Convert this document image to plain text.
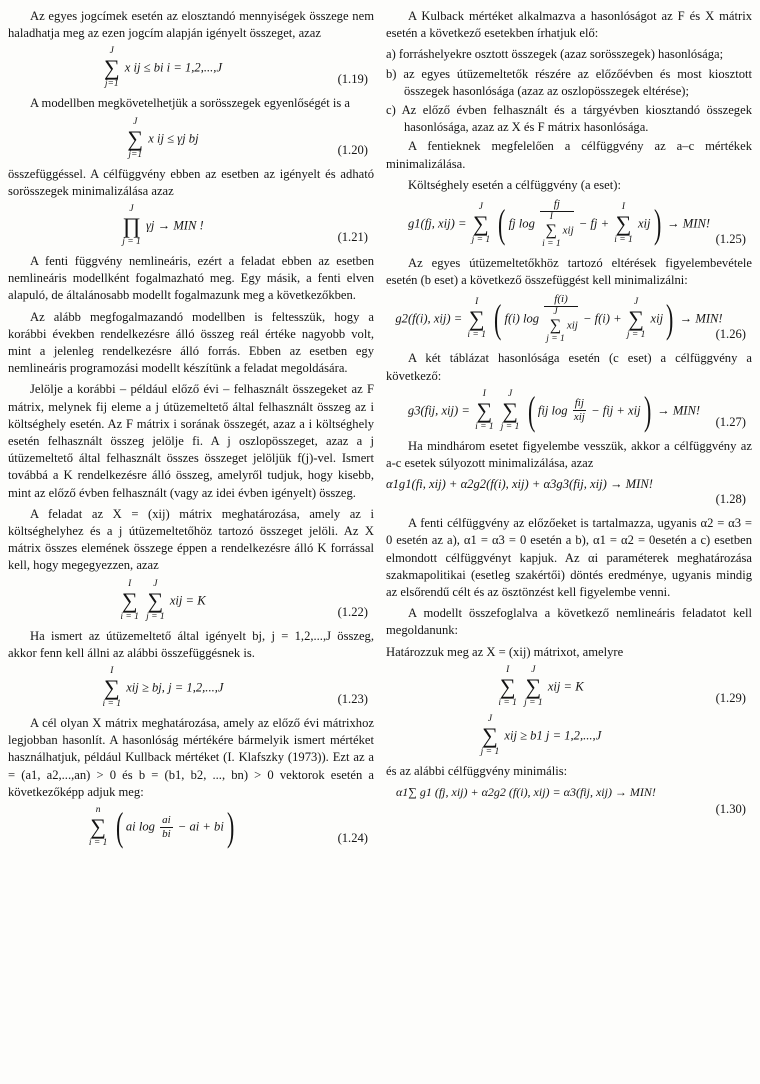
Az egyes jogcímek esetén az elosztandó mennyiségek összege nem haladhatja meg az ezen jogcím alapján igényelt összeget, azaz

J
∑
j=1
x ij ≤ bi i = 1,2,...,J
(1.19)

A modellben megkövetelhetjük a sorösszegek egyenlőségét is a

J
∑
j=1
x ij ≤ γj bj
(1.20)

összefüggéssel. A célfüggvény ebben az esetben az igényelt és adható sorösszegek minimalizálása azaz

J
∏
j = 1
γj → MIN !
(1.21)

A fenti függvény nemlineáris, ezért a feladat ebben az esetben nemlineáris modellként fogalmazható meg. Egy másik, a fenti elven alapuló, de általánosabb modellt fogalmazunk meg a következőkben.

Az alább megfogalmazandó modellben is feltesszük, hogy a korábbi években rendelkezésre álló összeg reál értéke nagyobb volt, mint a jelenleg rendelkezésre álló forrás. Ebben az esetben egy nemlineáris programozási modellt készítünk a feladat megoldására.

Jelölje a korábbi – például előző évi – felhasznált összegeket az F mátrix, melynek fij eleme a j útüzemeltető által felhasznált összeg az i költséghely esetén. Az F mátrix i sorának összegét, azaz a i költséghely esetén felhasznált összeg jelölje fi. A j oszlopösszeget, azaz a j útüzemeltető által felhasznált összes összeget jelöljük f(j)-vel. Ismert továbbá a K rendelkezésre álló összeg, amelyről tudjuk, hogy kisebb, mint az előző évben felhasznált (vagy az idei évben igényelt) összeg.

A feladat az X = (xij) mátrix meghatározása, amely az i költséghelyhez és a j útüzemeltetőhöz tartozó összeget jelöli. Az X mátrix összes elemének összege éppen a rendelkezésre álló K forrással kell, hogy megegyezzen, azaz

I
∑
i = 1

J
∑
j = 1
xij = K
(1.22)

Ha ismert az útüzemeltető által igényelt bj, j = 1,2,...,J összeg, akkor fenn kell állni az alábbi összefüggésnek is.

I
∑
i = 1
xij ≥ bj, j = 1,2,...,J
(1.23)

A cél olyan X mátrix meghatározása, amely az előző évi mátrixhoz legjobban hasonlít. A hasonlóság mértékére bármelyik ismert mértéket használhatjuk, például Kullback mértéket (I. Klafszky (1973)). Ezt az a = (a1, a2,...,an) > 0 és b = (b1, b2, ..., bn) > 0 vektorok esetén a következőképp adjuk meg:

n
∑
i = 1 ( ai $\log \frac{ai}{bi}$ − ai + bi)	(1.24)

A Kulback mértéket alkalmazva a hasonlóságot az F és X mátrix esetén a következő esetekben írhatjuk elő:

a) forráshelyekre osztott összegek (azaz sorösszegek) hasonlósága;

b) az egyes útüzemeltetők részére az előzőévben és most kiosztott összegek hasonlósága (azaz az oszlopösszegek eltérése);

c) Az előző évben felhasznált és a tárgyévben kiosztandó összegek hasonlósága, azaz az X és F mátrix hasonlósága.

A fentieknek megfelelően a célfüggvény az a–c mértékek minimalizálása.

Költséghely esetén a célfüggvény (a eset):

g1(fj, xij) =
J
∑
j = 1 ( fj log fj
I
∑
i = 1
xij − fj +
I
∑
i = 1
xij) → MIN!
(1.25)

Az egyes útüzemeltetőkhöz tartozó eltérések figyelembevétele esetén (b eset) a következő összefüggést kell minimalizálni:

g2(f(i), xij) =
I
∑
i = 1 ( f(i) log f(i)
J
∑
j = 1
xij − f(i) +
J
∑
j = 1
xij) → MIN!
(1.26)

A két táblázat hasonlósága esetén (c eset) a célfüggvény a következő:

g3(fij, xij) =
I
∑
i = 1

J
∑
j = 1 ( fij $\log \frac{\text{fij}}{\text{xij}}$ − fij + xij) → MIN!
(1.27)

Ha mindhárom esetet figyelembe vesszük, akkor a célfüggvény az a-c esetek súlyozott minimalizálása, azaz

α1g1(fi, xij) + α2g2(f(i), xij) + α3g3(fij, xij) → MIN!
(1.28)

A fenti célfüggvény az előzőeket is tartalmazza, ugyanis α2 = α3 = 0 esetén az a), α1 = α3 = 0 esetén a b), α1 = α2 = 0esetén a c) esetben elmondott célfüggvényt kapjuk. Az αi paraméterek meghatározása szakmapolitikai (esetleg szakértői) döntés eredménye, ugyanis mindig az elsőrendű célt és az ösztönzést kell figyelembe venni.

A modellt összefoglalva a következő nemlineáris feladatot kell megoldanunk:

Határozzuk meg az X = (xij) mátrixot, amelyre

I
∑
i = 1

J
∑
j = 1
xij = K
(1.29)
J
∑
j = 1
xij ≥ b1 j = 1,2,...,J

és az alábbi célfüggvény minimális:

α1∑ g1 (fj, xij) + α2g2 (f(i), xij) = α3(fij, xij) → MIN!
(1.30)
